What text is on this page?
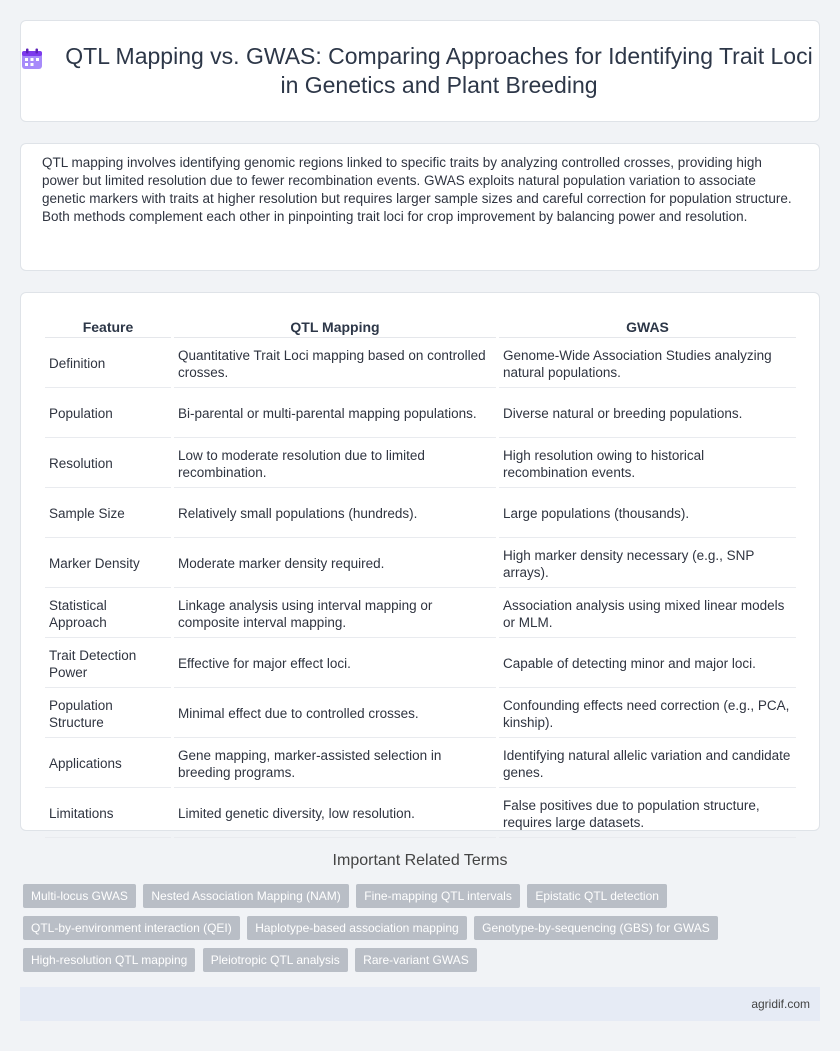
QTL Mapping vs. GWAS: Comparing Approaches for Identifying Trait Loci in Genetics and Plant Breeding

QTL mapping involves identifying genomic regions linked to specific traits by analyzing controlled crosses, providing high power but limited resolution due to fewer recombination events. GWAS exploits natural population variation to associate genetic markers with traits at higher resolution but requires larger sample sizes and careful correction for population structure. Both methods complement each other in pinpointing trait loci for crop improvement by balancing power and resolution.

Feature	QTL Mapping	GWAS
Definition	Quantitative Trait Loci mapping based on controlled crosses.	Genome-Wide Association Studies analyzing natural populations.
Population	Bi-parental or multi-parental mapping populations.	Diverse natural or breeding populations.
Resolution	Low to moderate resolution due to limited recombination.	High resolution owing to historical recombination events.
Sample Size	Relatively small populations (hundreds).	Large populations (thousands).
Marker Density	Moderate marker density required.	High marker density necessary (e.g., SNP arrays).
Statistical Approach	Linkage analysis using interval mapping or composite interval mapping.	Association analysis using mixed linear models or MLM.
Trait Detection Power	Effective for major effect loci.	Capable of detecting minor and major loci.
Population Structure	Minimal effect due to controlled crosses.	Confounding effects need correction (e.g., PCA, kinship).
Applications	Gene mapping, marker-assisted selection in breeding programs.	Identifying natural allelic variation and candidate genes.
Limitations	Limited genetic diversity, low resolution.	False positives due to population structure, requires large datasets.
Important Related Terms
Multi-locus GWAS Nested Association Mapping (NAM) Fine-mapping QTL intervals Epistatic QTL detection QTL-by-environment interaction (QEI) Haplotype-based association mapping Genotype-by-sequencing (GBS) for GWAS High-resolution QTL mapping Pleiotropic QTL analysis Rare-variant GWAS
agridif.com
